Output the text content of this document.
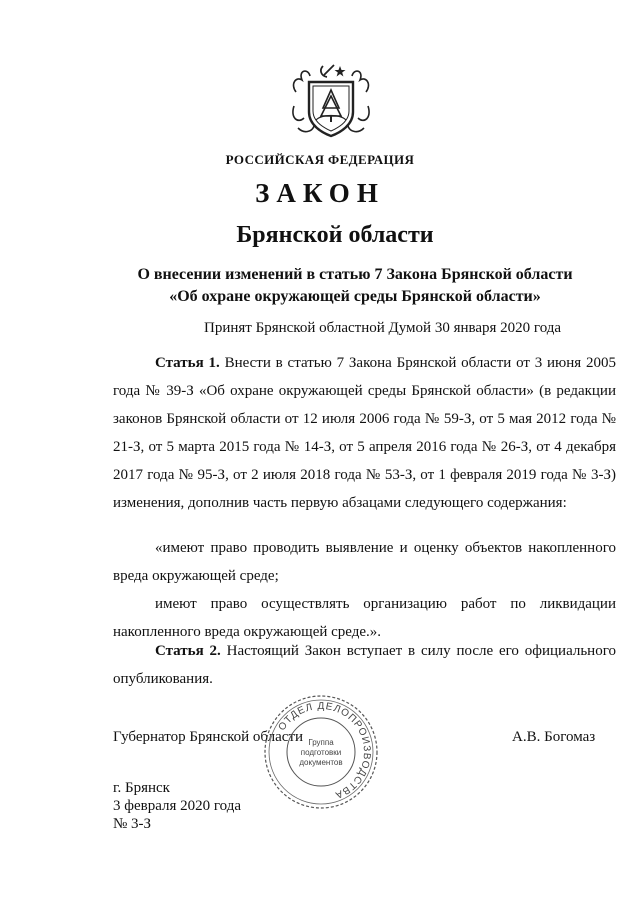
РОССИЙСКАЯ ФЕДЕРАЦИЯ
ЗАКОН
Брянской области
О внесении изменений в статью 7 Закона Брянской области
«Об охране окружающей среды Брянской области»
Принят Брянской областной Думой 30 января 2020 года
Статья 1. Внести в статью 7 Закона Брянской области от 3 июня 2005 года № 39-З «Об охране окружающей среды Брянской области» (в редакции законов Брянской области от 12 июля 2006 года № 59-З, от 5 мая 2012 года № 21-З, от 5 марта 2015 года № 14-З, от 5 апреля 2016 года № 26-З, от 4 декабря 2017 года № 95-З, от 2 июля 2018 года № 53-З, от 1 февраля 2019 года № 3-З) изменения, дополнив часть первую абзацами следующего содержания:
«имеют право проводить выявление и оценку объектов накопленного вреда окружающей среде;
имеют право осуществлять организацию работ по ликвидации накопленного вреда окружающей среде.».
Статья 2. Настоящий Закон вступает в силу после его официального опубликования.
Губернатор Брянской области	А.В. Богомаз
ОТДЕЛ ДЕЛОПРОИЗВОДСТВА
Группа
подготовки
документов
г. Брянск
3 февраля 2020 года
№ 3-З
